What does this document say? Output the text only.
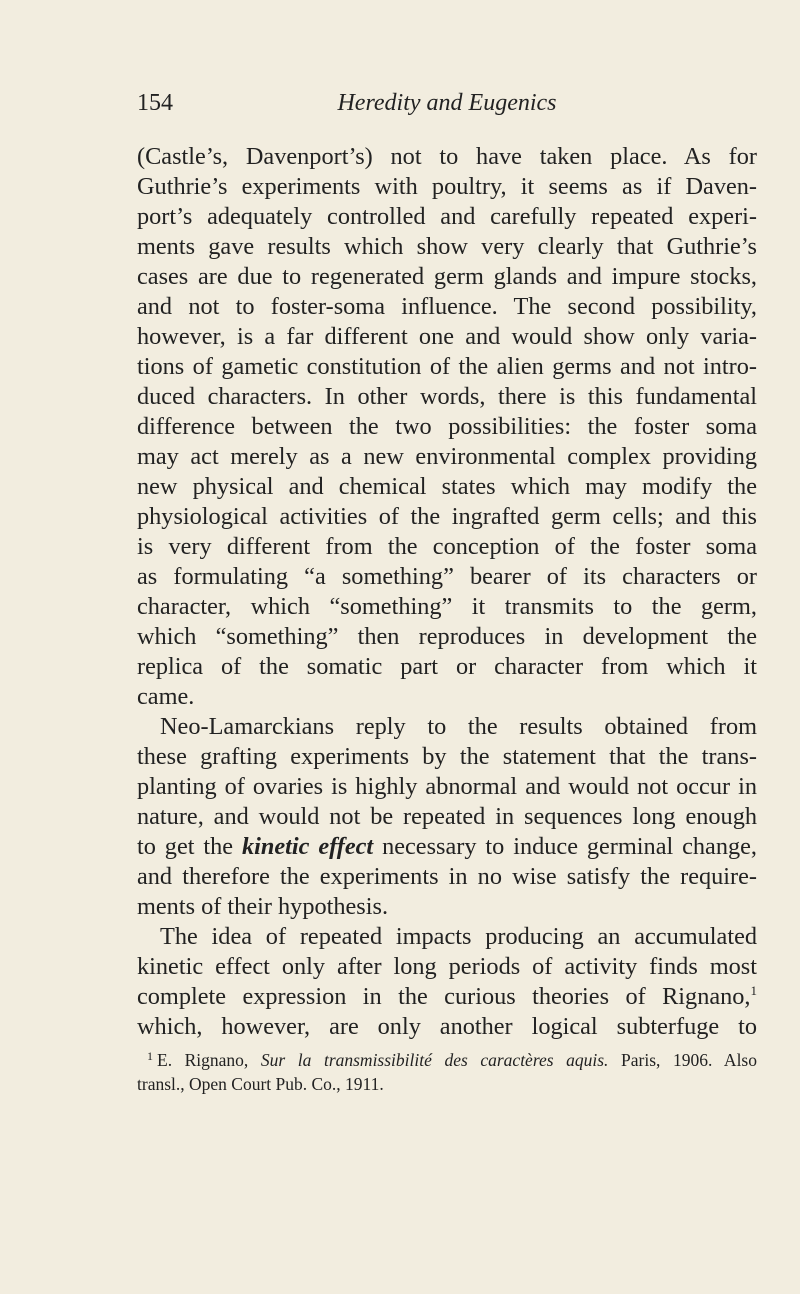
154	Heredity and Eugenics
(Castle’s, Davenport’s) not to have taken place. As for
Guthrie’s experiments with poultry, it seems as if Daven-
port’s adequately controlled and carefully repeated experi-
ments gave results which show very clearly that Guthrie’s
cases are due to regenerated germ glands and impure stocks,
and not to foster-soma influence. The second possibility,
however, is a far different one and would show only varia-
tions of gametic constitution of the alien germs and not intro-
duced characters. In other words, there is this fundamental
difference between the two possibilities: the foster soma
may act merely as a new environmental complex providing
new physical and chemical states which may modify the
physiological activities of the ingrafted germ cells; and this
is very different from the conception of the foster soma
as formulating “a something” bearer of its characters or
character, which “something” it transmits to the germ,
which “something” then reproduces in development the
replica of the somatic part or character from which it
came.
Neo-Lamarckians reply to the results obtained from
these grafting experiments by the statement that the trans-
planting of ovaries is highly abnormal and would not occur in
nature, and would not be repeated in sequences long enough
to get the kinetic effect necessary to induce germinal change,
and therefore the experiments in no wise satisfy the require-
ments of their hypothesis.
The idea of repeated impacts producing an accumulated
kinetic effect only after long periods of activity finds most
complete expression in the curious theories of Rignano,$^1$
which, however, are only another logical subterfuge to
$^1$ E. Rignano, Sur la transmissibilité des caractères aquis. Paris, 1906. Also
transl., Open Court Pub. Co., 1911.
